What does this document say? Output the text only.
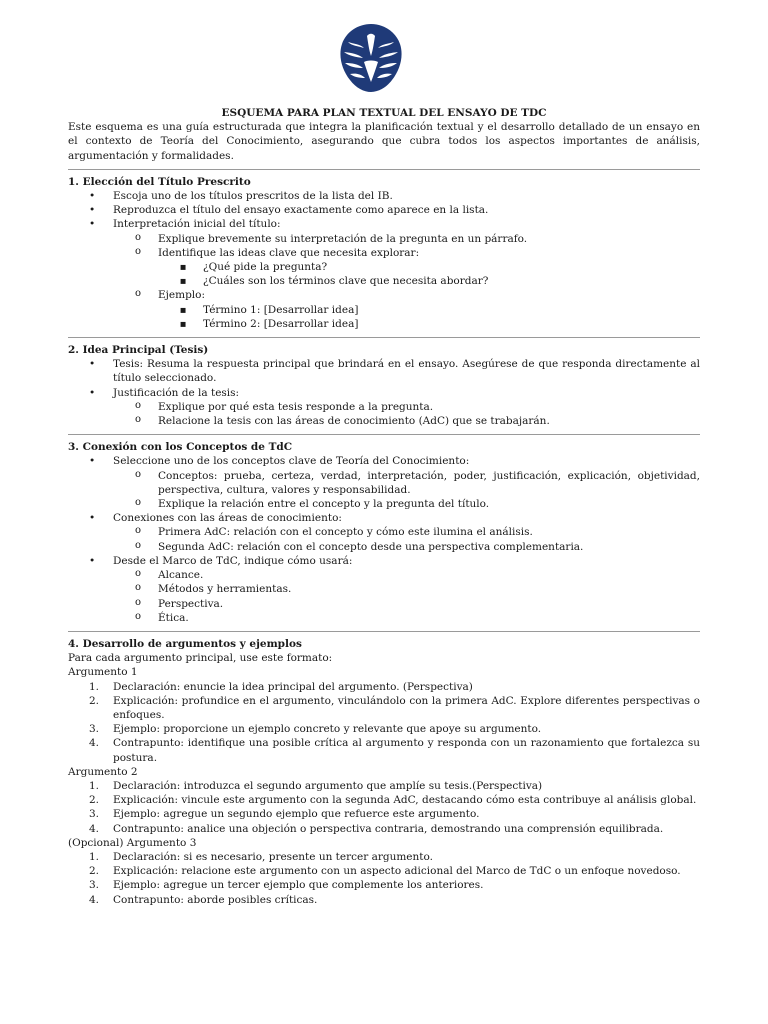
ESQUEMA PARA PLAN TEXTUAL DEL ENSAYO DE TDC

Este esquema es una guía estructurada que integra la planificación textual y el desarrollo detallado de un ensayo en el contexto de Teoría del Conocimiento, asegurando que cubra todos los aspectos importantes de análisis, argumentación y formalidades.

1. Elección del Título Prescrito
• Escoja uno de los títulos prescritos de la lista del IB.
• Reproduzca el título del ensayo exactamente como aparece en la lista.
• Interpretación inicial del título:
o Explique brevemente su interpretación de la pregunta en un párrafo.
o Identifique las ideas clave que necesita explorar:
■ ¿Qué pide la pregunta?
■ ¿Cuáles son los términos clave que necesita abordar?
o Ejemplo:
■ Término 1: [Desarrollar idea]
■ Término 2: [Desarrollar idea]
2. Idea Principal (Tesis)
• Tesis: Resuma la respuesta principal que brindará en el ensayo. Asegúrese de que responda directamente al título seleccionado.
• Justificación de la tesis:
o Explique por qué esta tesis responde a la pregunta.
o Relacione la tesis con las áreas de conocimiento (AdC) que se trabajarán.
3. Conexión con los Conceptos de TdC
• Seleccione uno de los conceptos clave de Teoría del Conocimiento:
o Conceptos: prueba, certeza, verdad, interpretación, poder, justificación, explicación, objetividad, perspectiva, cultura, valores y responsabilidad.
o Explique la relación entre el concepto y la pregunta del título.
• Conexiones con las áreas de conocimiento:
o Primera AdC: relación con el concepto y cómo este ilumina el análisis.
o Segunda AdC: relación con el concepto desde una perspectiva complementaria.
• Desde el Marco de TdC, indique cómo usará:
o Alcance.
o Métodos y herramientas.
o Perspectiva.
o Ética.
4. Desarrollo de argumentos y ejemplos

Para cada argumento principal, use este formato:

Argumento 1

1. Declaración: enuncie la idea principal del argumento. (Perspectiva)
2. Explicación: profundice en el argumento, vinculándolo con la primera AdC. Explore diferentes perspectivas o enfoques.
3. Ejemplo: proporcione un ejemplo concreto y relevante que apoye su argumento.
4. Contrapunto: identifique una posible crítica al argumento y responda con un razonamiento que fortalezca su postura.

Argumento 2

1. Declaración: introduzca el segundo argumento que amplíe su tesis.(Perspectiva)
2. Explicación: vincule este argumento con la segunda AdC, destacando cómo esta contribuye al análisis global.
3. Ejemplo: agregue un segundo ejemplo que refuerce este argumento.
4. Contrapunto: analice una objeción o perspectiva contraria, demostrando una comprensión equilibrada.

(Opcional) Argumento 3

1. Declaración: si es necesario, presente un tercer argumento.
2. Explicación: relacione este argumento con un aspecto adicional del Marco de TdC o un enfoque novedoso.
3. Ejemplo: agregue un tercer ejemplo que complemente los anteriores.
4. Contrapunto: aborde posibles críticas.
